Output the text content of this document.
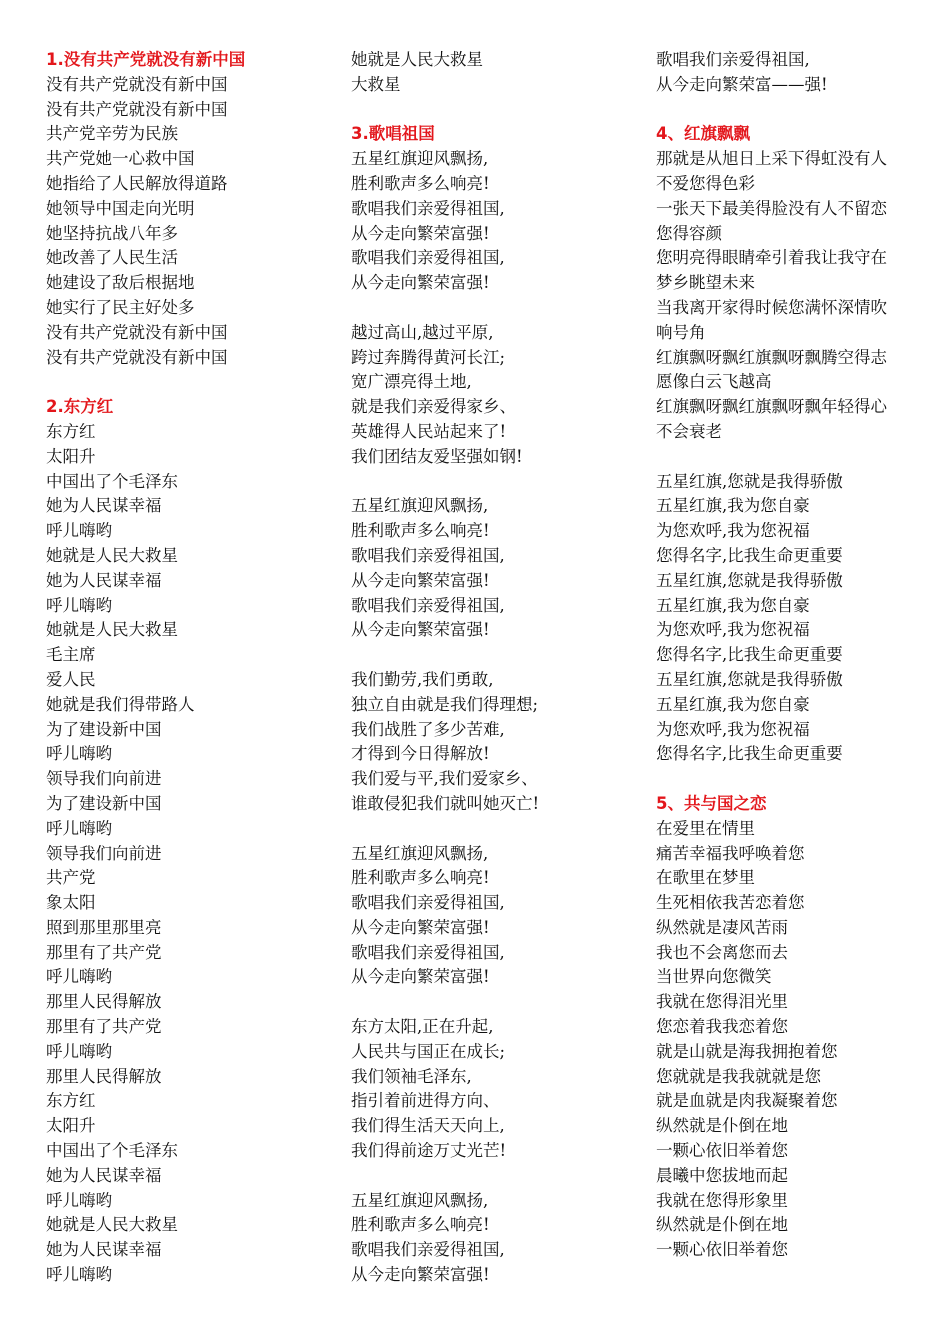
1.没有共产党就没有新中国
没有共产党就没有新中国
没有共产党就没有新中国
共产党辛劳为民族
共产党她一心救中国
她指给了人民解放得道路
她领导中国走向光明
她坚持抗战八年多
她改善了人民生活
她建设了敌后根据地
她实行了民主好处多
没有共产党就没有新中国
没有共产党就没有新中国
2.东方红
东方红
太阳升
中国出了个毛泽东
她为人民谋幸福
呼儿嗨哟
她就是人民大救星
她为人民谋幸福
呼儿嗨哟
她就是人民大救星
毛主席
爱人民
她就是我们得带路人
为了建设新中国
呼儿嗨哟
领导我们向前进
为了建设新中国
呼儿嗨哟
领导我们向前进
共产党
象太阳
照到那里那里亮
那里有了共产党
呼儿嗨哟
那里人民得解放
那里有了共产党
呼儿嗨哟
那里人民得解放
东方红
太阳升
中国出了个毛泽东
她为人民谋幸福
呼儿嗨哟
她就是人民大救星
她为人民谋幸福
呼儿嗨哟
她就是人民大救星
大救星
3.歌唱祖国
五星红旗迎风飘扬,
胜利歌声多么响亮!
歌唱我们亲爱得祖国,
从今走向繁荣富强!
歌唱我们亲爱得祖国,
从今走向繁荣富强!
越过高山,越过平原,
跨过奔腾得黄河长江;
宽广漂亮得土地,
就是我们亲爱得家乡、
英雄得人民站起来了!
我们团结友爱坚强如钢!
五星红旗迎风飘扬,
胜利歌声多么响亮!
歌唱我们亲爱得祖国,
从今走向繁荣富强!
歌唱我们亲爱得祖国,
从今走向繁荣富强!
我们勤劳,我们勇敢,
独立自由就是我们得理想;
我们战胜了多少苦难,
才得到今日得解放!
我们爱与平,我们爱家乡、
谁敢侵犯我们就叫她灭亡!
五星红旗迎风飘扬,
胜利歌声多么响亮!
歌唱我们亲爱得祖国,
从今走向繁荣富强!
歌唱我们亲爱得祖国,
从今走向繁荣富强!
东方太阳,正在升起,
人民共与国正在成长;
我们领袖毛泽东,
指引着前进得方向、
我们得生活天天向上,
我们得前途万丈光芒!
五星红旗迎风飘扬,
胜利歌声多么响亮!
歌唱我们亲爱得祖国,
从今走向繁荣富强!
歌唱我们亲爱得祖国,
从今走向繁荣富——强!
4、红旗飘飘
那就是从旭日上采下得虹没有人
不爱您得色彩
一张天下最美得脸没有人不留恋
您得容颜
您明亮得眼睛牵引着我让我守在
梦乡眺望未来
当我离开家得时候您满怀深情吹
响号角
红旗飘呀飘红旗飘呀飘腾空得志
愿像白云飞越高
红旗飘呀飘红旗飘呀飘年轻得心
不会衰老
五星红旗,您就是我得骄傲
五星红旗,我为您自豪
为您欢呼,我为您祝福
您得名字,比我生命更重要
五星红旗,您就是我得骄傲
五星红旗,我为您自豪
为您欢呼,我为您祝福
您得名字,比我生命更重要
五星红旗,您就是我得骄傲
五星红旗,我为您自豪
为您欢呼,我为您祝福
您得名字,比我生命更重要
5、共与国之恋
在爱里在情里
痛苦幸福我呼唤着您
在歌里在梦里
生死相依我苦恋着您
纵然就是凄风苦雨
我也不会离您而去
当世界向您微笑
我就在您得泪光里
您恋着我我恋着您
就是山就是海我拥抱着您
您就就是我我就就是您
就是血就是肉我凝聚着您
纵然就是仆倒在地
一颗心依旧举着您
晨曦中您拔地而起
我就在您得形象里
纵然就是仆倒在地
一颗心依旧举着您
